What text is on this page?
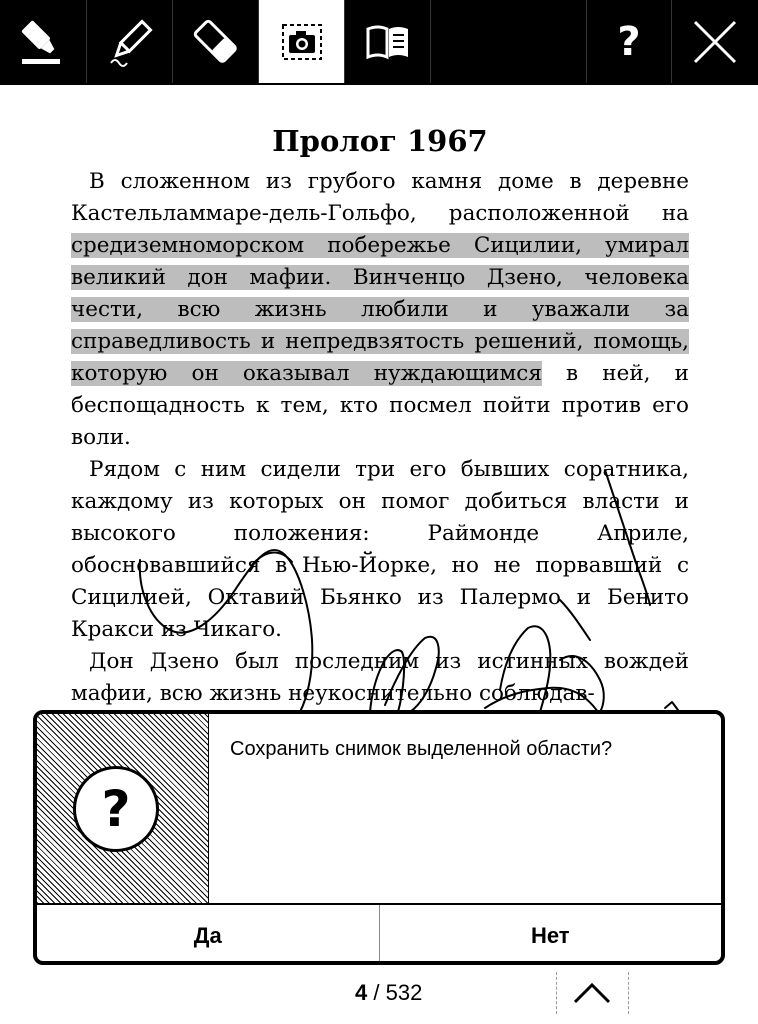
?
Пролог 1967

В сложенном из грубого камня доме в деревне Кастельламмаре-дель-Гольфо, расположенной на средиземноморском побережье Сицилии, умирал великий дон мафии. Винченцо Дзено, человека чести, всю жизнь любили и уважали за справедливость и непредвзятость решений, помощь, которую он оказывал нуждающимся в ней, и беспощадность к тем, кто посмел пойти против его воли.

Рядом с ним сидели три его бывших соратника, каждому из которых он помог добиться власти и высокого положения: Раймонде Априле, обосновавшийся в Нью-Йорке, но не порвавший с Сицилией, Октавий Бьянко из Палермо и Бенито Кракси из Чикаго.

Дон Дзено был последним из истинных вождей мафии, всю жизнь неукоснительно соблюдав-

?
Сохранить снимок выделенной области?
Да	Нет
4 / 532
